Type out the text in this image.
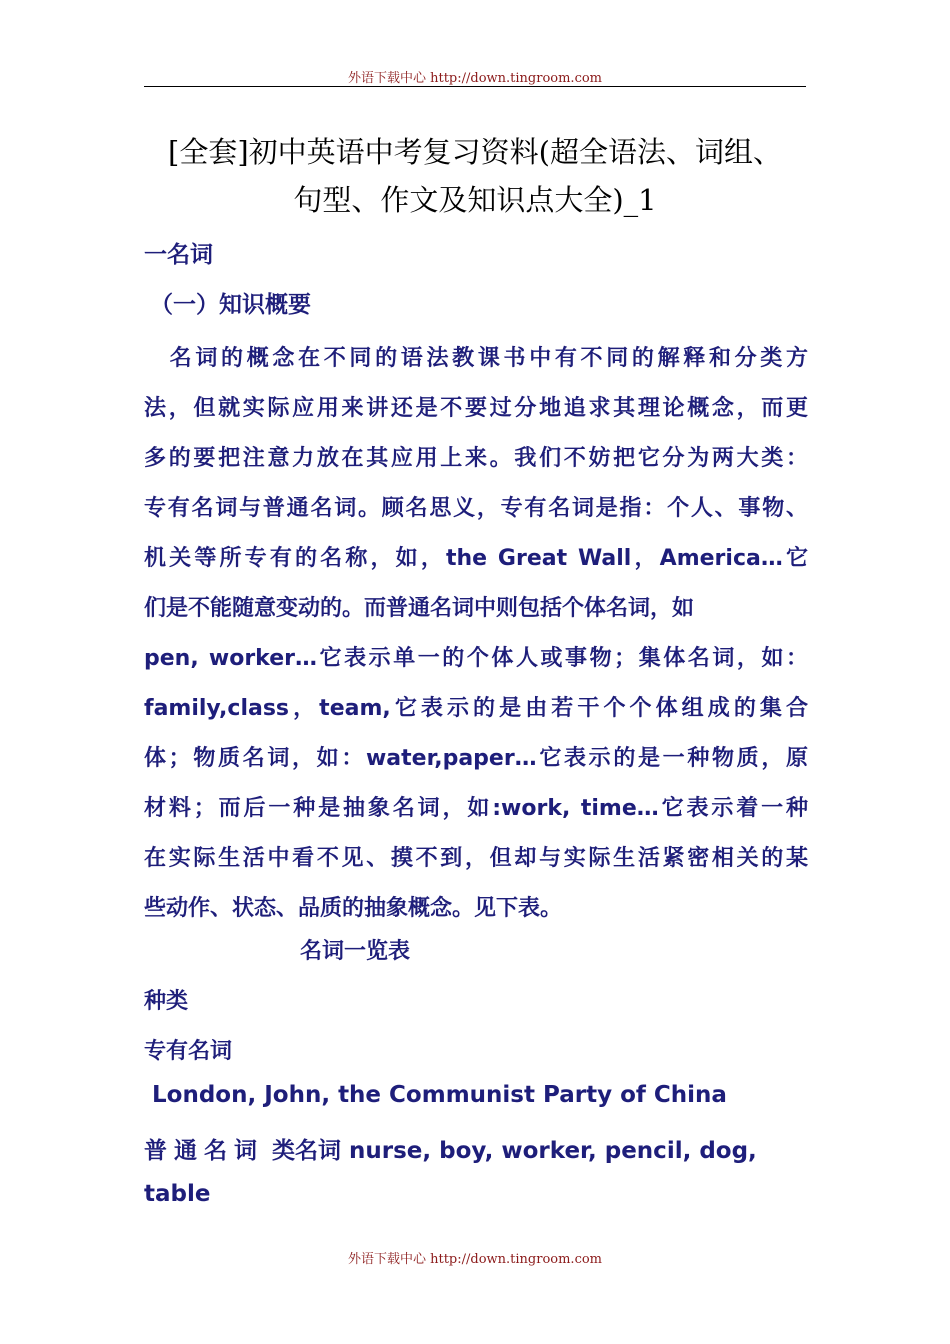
外语下载中心 http://down.tingroom.com
[全套]初中英语中考复习资料(超全语法、词组、
句型、作文及知识点大全)_1
一名词
（一）知识概要
　名词的概念在不同的语法教课书中有不同的解释和分类方
法，但就实际应用来讲还是不要过分地追求其理论概念，而更
多的要把注意力放在其应用上来。我们不妨把它分为两大类：
专有名词与普通名词。顾名思义，专有名词是指：个人、事物、
机关等所专有的名称，如，the Great Wall，America…它
们是不能随意变动的。而普通名词中则包括个体名词，如
pen, worker…它表示单一的个体人或事物；集体名词，如：
family,class，team,它表示的是由若干个个体组成的集合
体；物质名词，如：water,paper…它表示的是一种物质，原
材料；而后一种是抽象名词，如:work, time…它表示着一种
在实际生活中看不见、摸不到，但却与实际生活紧密相关的某
些动作、状态、品质的抽象概念。见下表。
名词一览表
种类
专有名词
London, John, the Communist Party of China
普通名词 类名词 nurse, boy, worker, pencil, dog,
table
外语下载中心 http://down.tingroom.com
